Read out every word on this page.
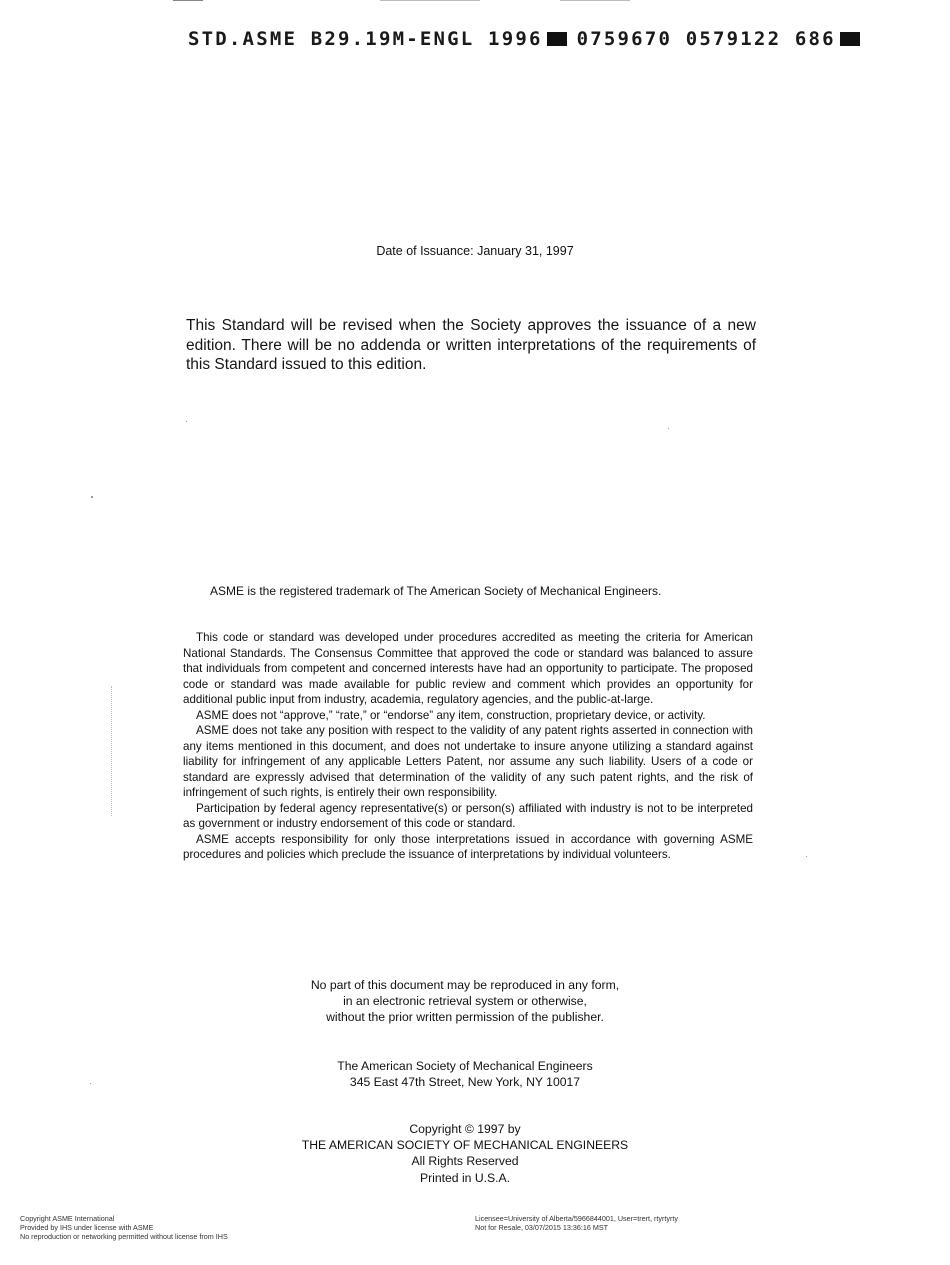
STD.ASME B29.19M-ENGL 1996 0759670 0579122 686
Date of Issuance: January 31, 1997
This Standard will be revised when the Society approves the issuance of a new edition. There will be no addenda or written interpretations of the requirements of this Standard issued to this edition.
ASME is the registered trademark of The American Society of Mechanical Engineers.

This code or standard was developed under procedures accredited as meeting the criteria for American National Standards. The Consensus Committee that approved the code or standard was balanced to assure that individuals from competent and concerned interests have had an opportunity to participate. The proposed code or standard was made available for public review and comment which provides an opportunity for additional public input from industry, academia, regulatory agencies, and the public-at-large.

ASME does not “approve,” “rate,” or “endorse” any item, construction, proprietary device, or activity.

ASME does not take any position with respect to the validity of any patent rights asserted in connection with any items mentioned in this document, and does not undertake to insure anyone utilizing a standard against liability for infringement of any applicable Letters Patent, nor assume any such liability. Users of a code or standard are expressly advised that determination of the validity of any such patent rights, and the risk of infringement of such rights, is entirely their own responsibility.

Participation by federal agency representative(s) or person(s) affiliated with industry is not to be interpreted as government or industry endorsement of this code or standard.

ASME accepts responsibility for only those interpretations issued in accordance with governing ASME procedures and policies which preclude the issuance of interpretations by individual volunteers.

No part of this document may be reproduced in any form,
in an electronic retrieval system or otherwise,
without the prior written permission of the publisher.
The American Society of Mechanical Engineers
345 East 47th Street, New York, NY 10017
Copyright © 1997 by
THE AMERICAN SOCIETY OF MECHANICAL ENGINEERS
All Rights Reserved
Printed in U.S.A.
Copyright ASME International
Provided by IHS under license with ASME
No reproduction or networking permitted without license from IHS
Licensee=University of Alberta/5966844001, User=trert, rtyrtyrty
Not for Resale, 03/07/2015 13:36:16 MST
